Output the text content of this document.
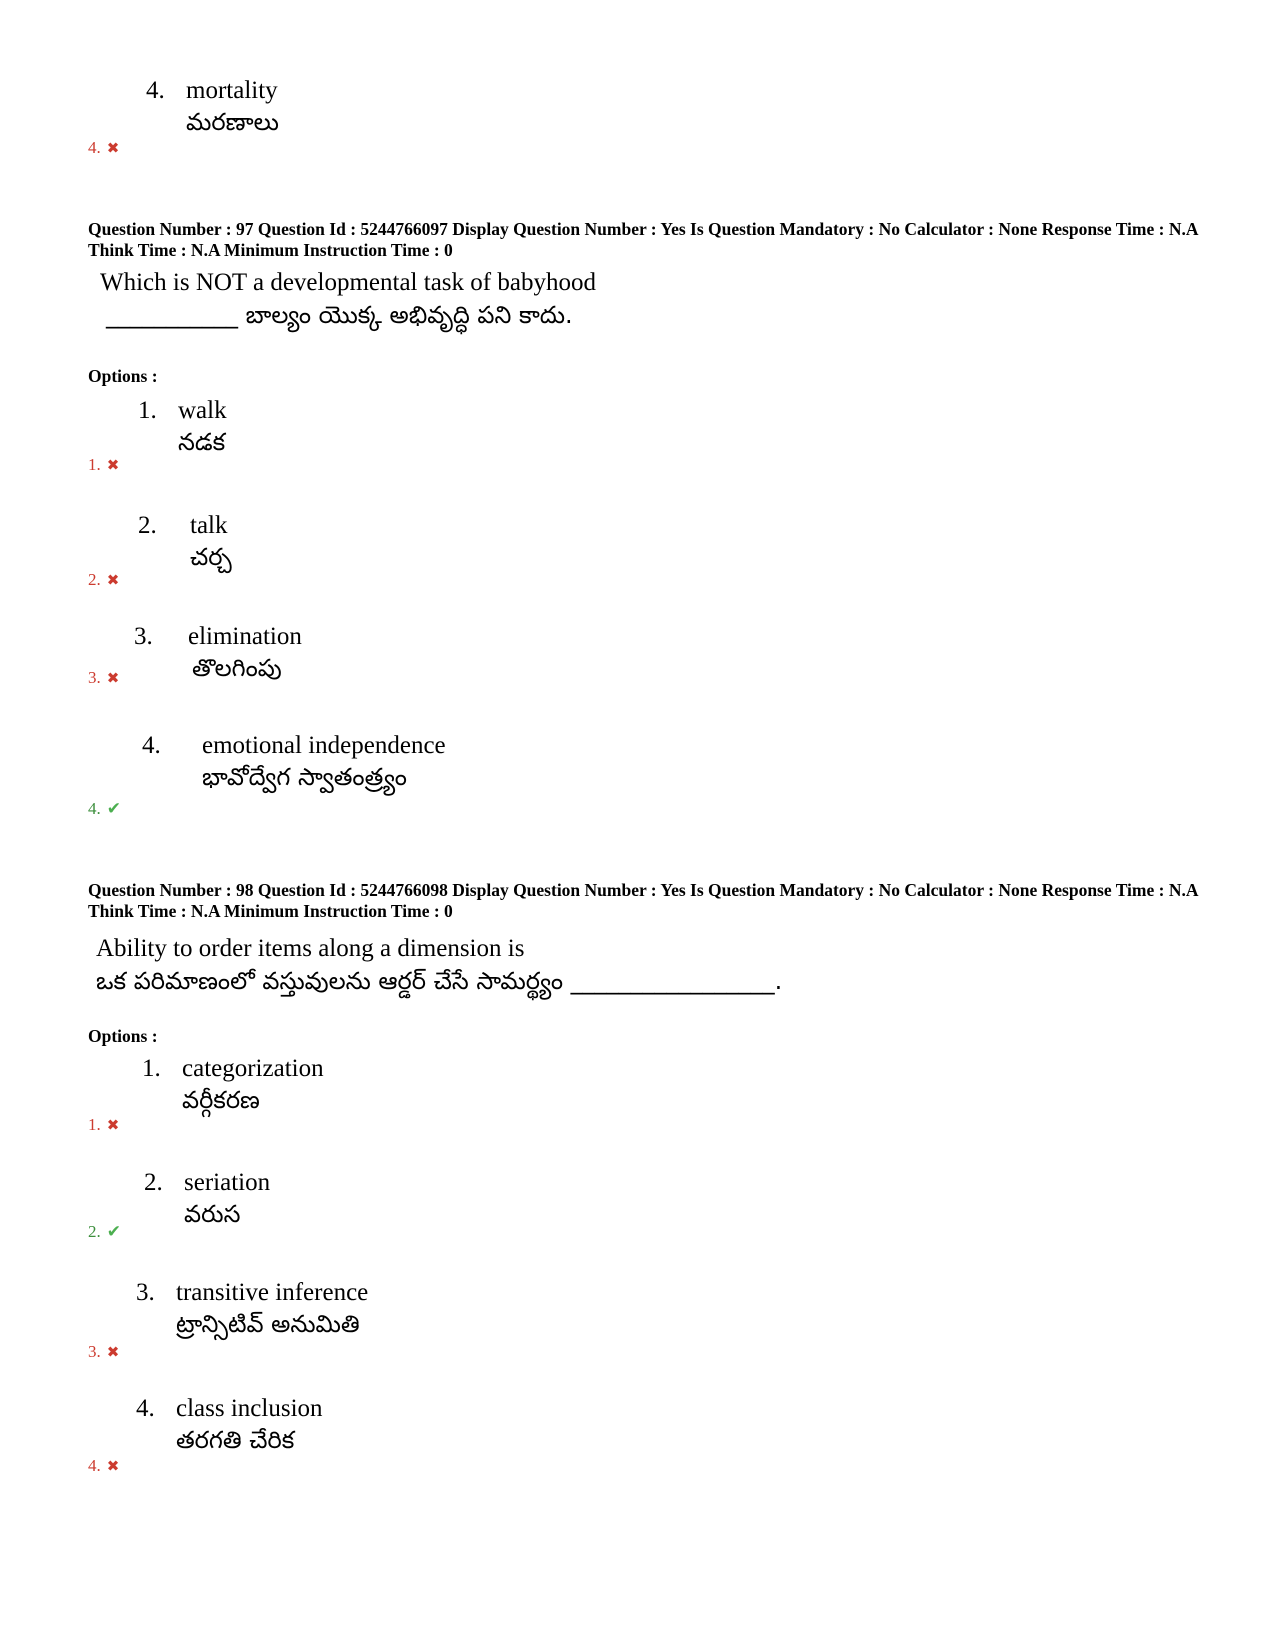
4. mortality
మరణాలు
4. ✖
Question Number : 97 Question Id : 5244766097 Display Question Number : Yes Is Question Mandatory : No Calculator : None Response Time : N.A Think Time : N.A Minimum Instruction Time : 0
Which is NOT a developmental task of babyhood
___________ బాల్యం యొక్క అభివృద్ధి పని కాదు.
Options :
1. walk
నడక
1. ✖
2. talk
చర్చ
2. ✖
3. elimination
తొలగింపు
3. ✖
4. emotional independence
భావోద్వేగ స్వాతంత్ర్యం
4. ✔
Question Number : 98 Question Id : 5244766098 Display Question Number : Yes Is Question Mandatory : No Calculator : None Response Time : N.A Think Time : N.A Minimum Instruction Time : 0
Ability to order items along a dimension is
ఒక పరిమాణంలో వస్తువులను ఆర్డర్ చేసే సామర్థ్యం _________________.
Options :
1. categorization
వర్గీకరణ
1. ✖
2. seriation
వరుస
2. ✔
3. transitive inference
ట్రాన్సిటివ్ అనుమితి
3. ✖
4. class inclusion
తరగతి చేరిక
4. ✖
